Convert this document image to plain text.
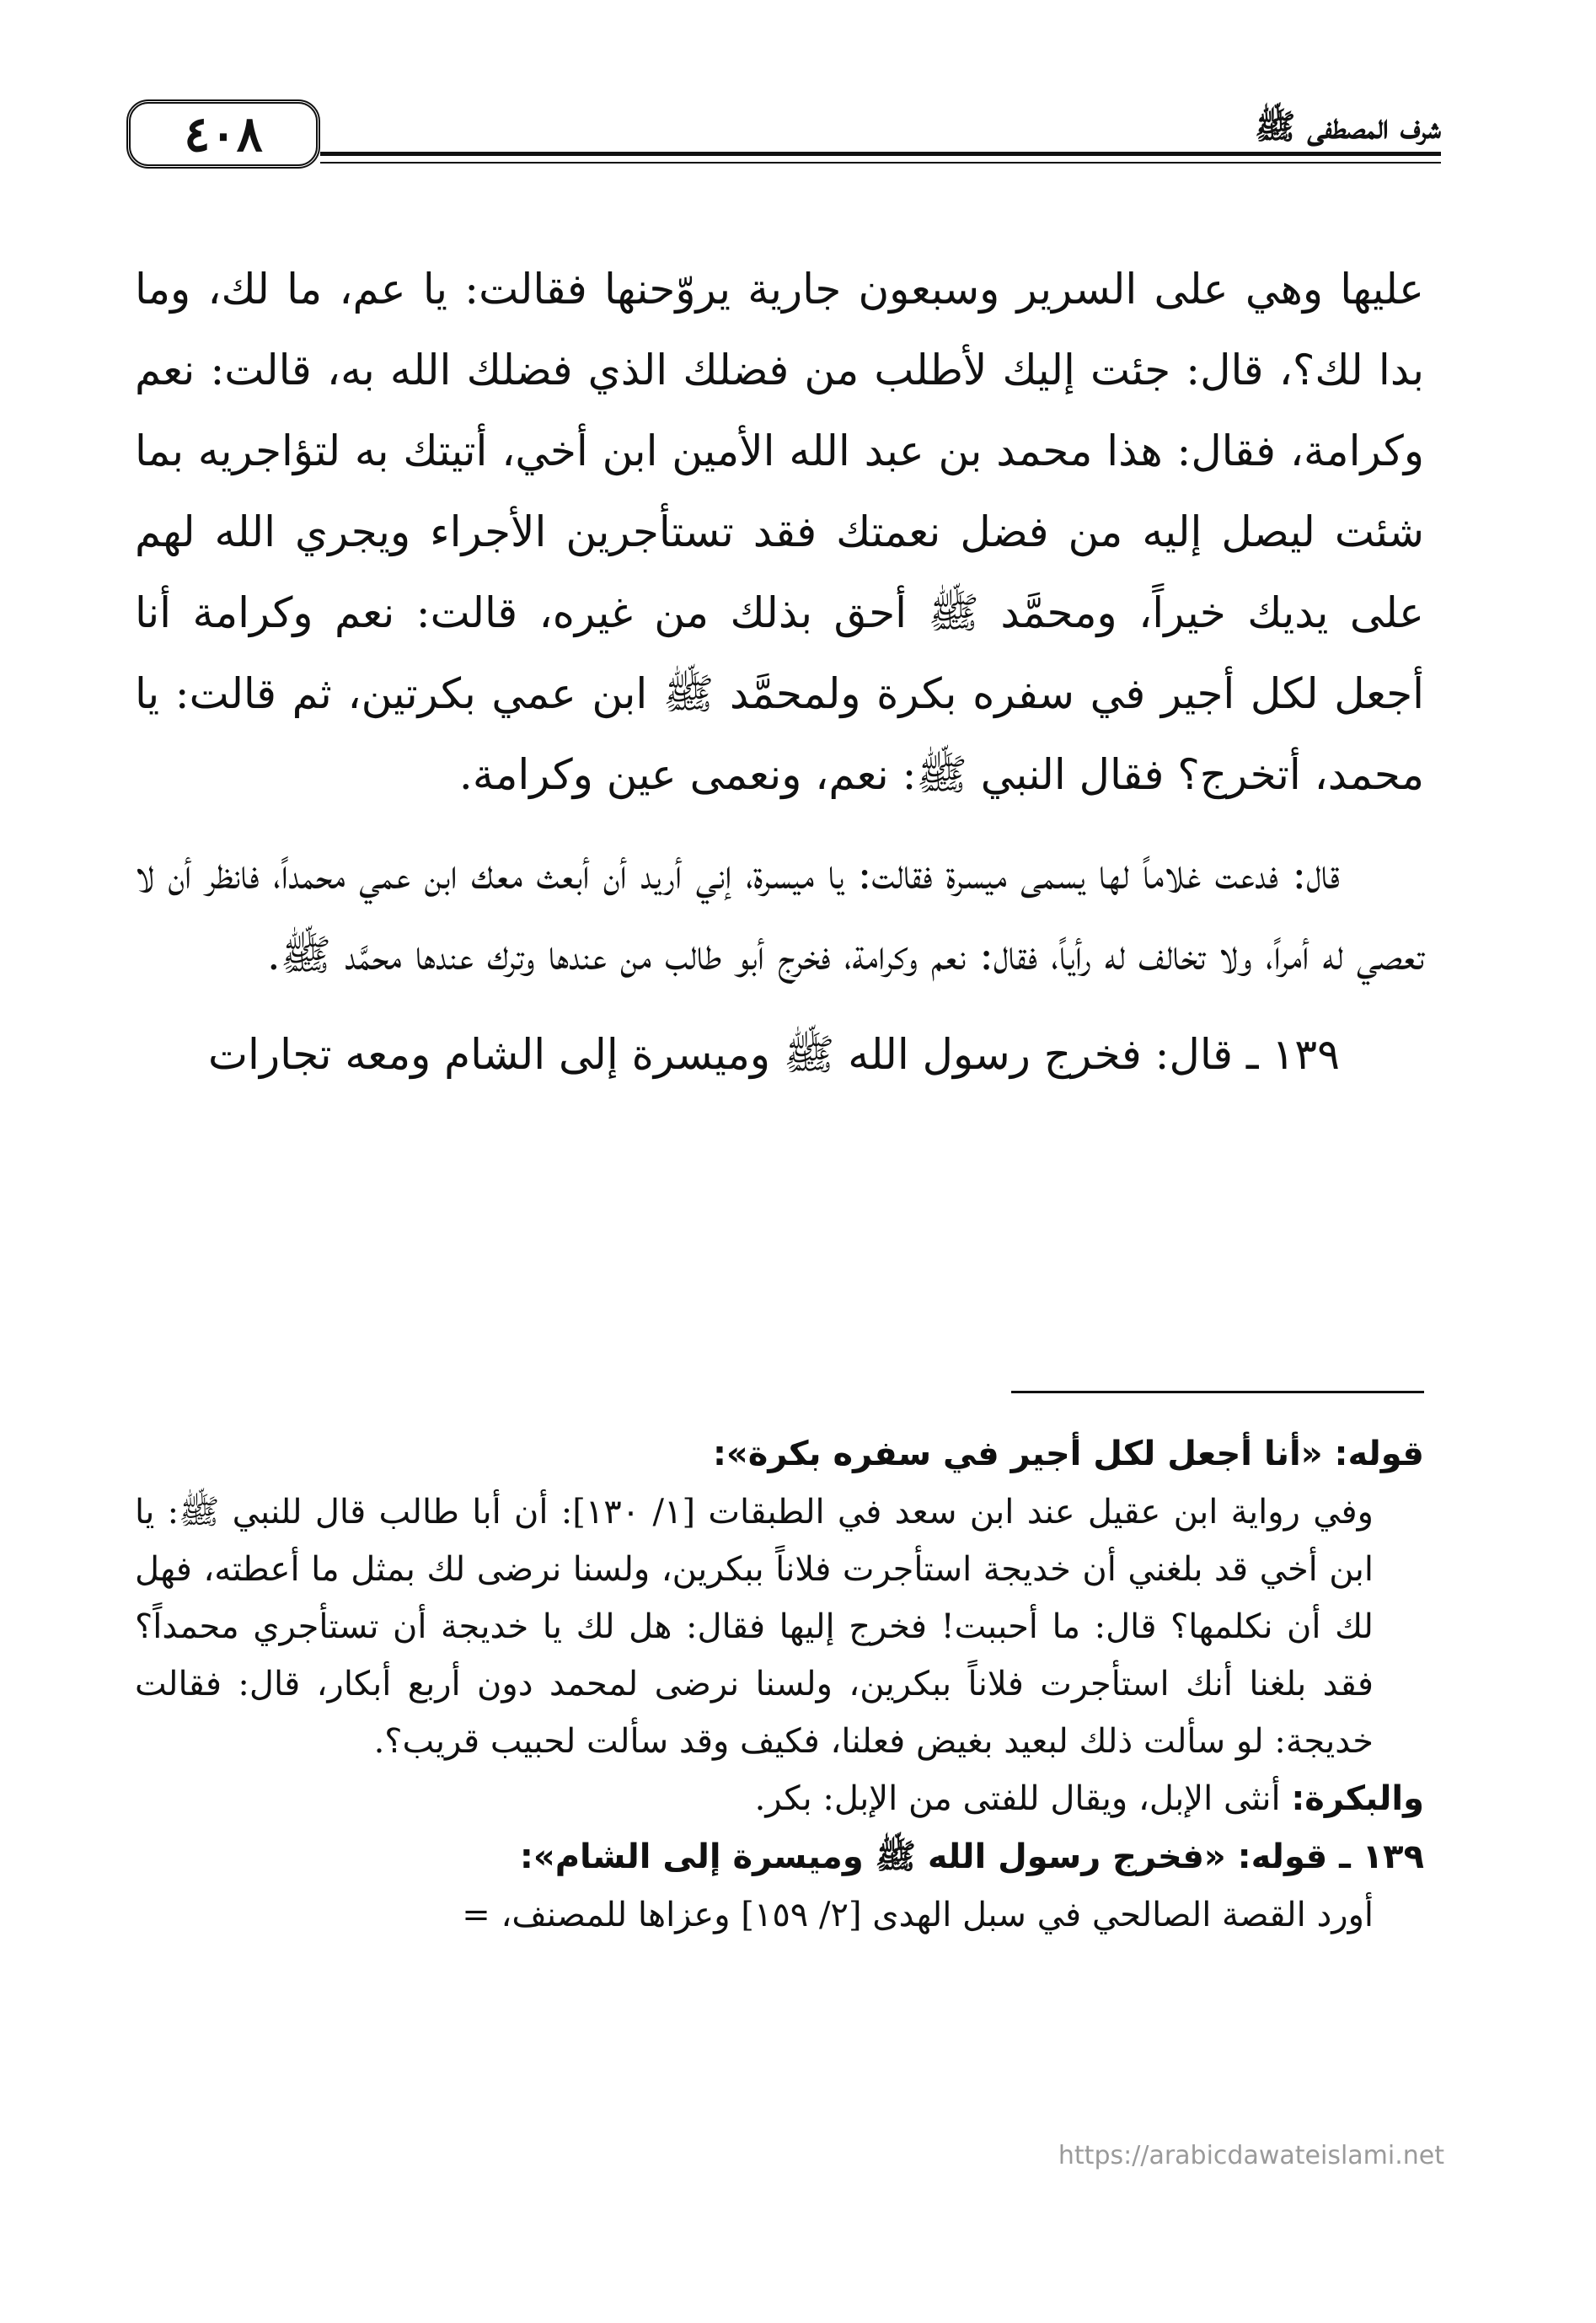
شرف المصطفى ﷺ
٤٠٨

عليها وهي على السرير وسبعون جارية يروّحنها فقالت: يا عم، ما لك، وما بدا لك؟، قال: جئت إليك لأطلب من فضلك الذي فضلك الله به، قالت: نعم وكرامة، فقال: هذا محمد بن عبد الله الأمين ابن أخي، أتيتك به لتؤاجريه بما شئت ليصل إليه من فضل نعمتك فقد تستأجرين الأجراء ويجري الله لهم على يديك خيراً، ومحمَّد ﷺ أحق بذلك من غيره، قالت: نعم وكرامة أنا أجعل لكل أجير في سفره بكرة ولمحمَّد ﷺ ابن عمي بكرتين، ثم قالت: يا محمد، أتخرج؟ فقال النبي ﷺ: نعم، ونعمى عين وكرامة.

قال: فدعت غلاماً لها يسمى ميسرة فقالت: يا ميسرة، إني أريد أن أبعث معك ابن عمي محمداً، فانظر أن لا تعصي له أمراً، ولا تخالف له رأياً، فقال: نعم وكرامة، فخرج أبو طالب من عندها وترك عندها محمَّد ﷺ.

١٣٩ ـ قال: فخرج رسول الله ﷺ وميسرة إلى الشام ومعه تجارات

قوله: «أنا أجعل لكل أجير في سفره بكرة»:

وفي رواية ابن عقيل عند ابن سعد في الطبقات [١/ ١٣٠]: أن أبا طالب قال للنبي ﷺ: يا ابن أخي قد بلغني أن خديجة استأجرت فلاناً ببكرين، ولسنا نرضى لك بمثل ما أعطته، فهل لك أن نكلمها؟ قال: ما أحببت! فخرج إليها فقال: هل لك يا خديجة أن تستأجري محمداً؟ فقد بلغنا أنك استأجرت فلاناً ببكرين، ولسنا نرضى لمحمد دون أربع أبكار، قال: فقالت خديجة: لو سألت ذلك لبعيد بغيض فعلنا، فكيف وقد سألت لحبيب قريب؟.

والبكرة: أنثى الإبل، ويقال للفتى من الإبل: بكر.

١٣٩ ـ قوله: «فخرج رسول الله ﷺ وميسرة إلى الشام»:

أورد القصة الصالحي في سبل الهدى [٢/ ١٥٩] وعزاها للمصنف، =

https://arabicdawateislami.net
